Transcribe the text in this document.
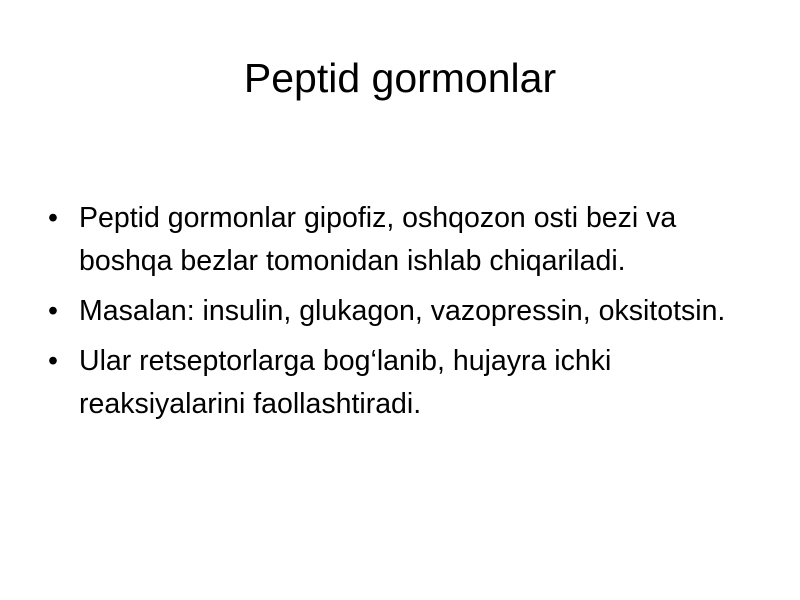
Peptid gormonlar
• Peptid gormonlar gipofiz, oshqozon osti bezi va boshqa bezlar tomonidan ishlab chiqariladi.
• Masalan: insulin, glukagon, vazopressin, oksitotsin.
• Ular retseptorlarga bog‘lanib, hujayra ichki reaksiyalarini faollashtiradi.
